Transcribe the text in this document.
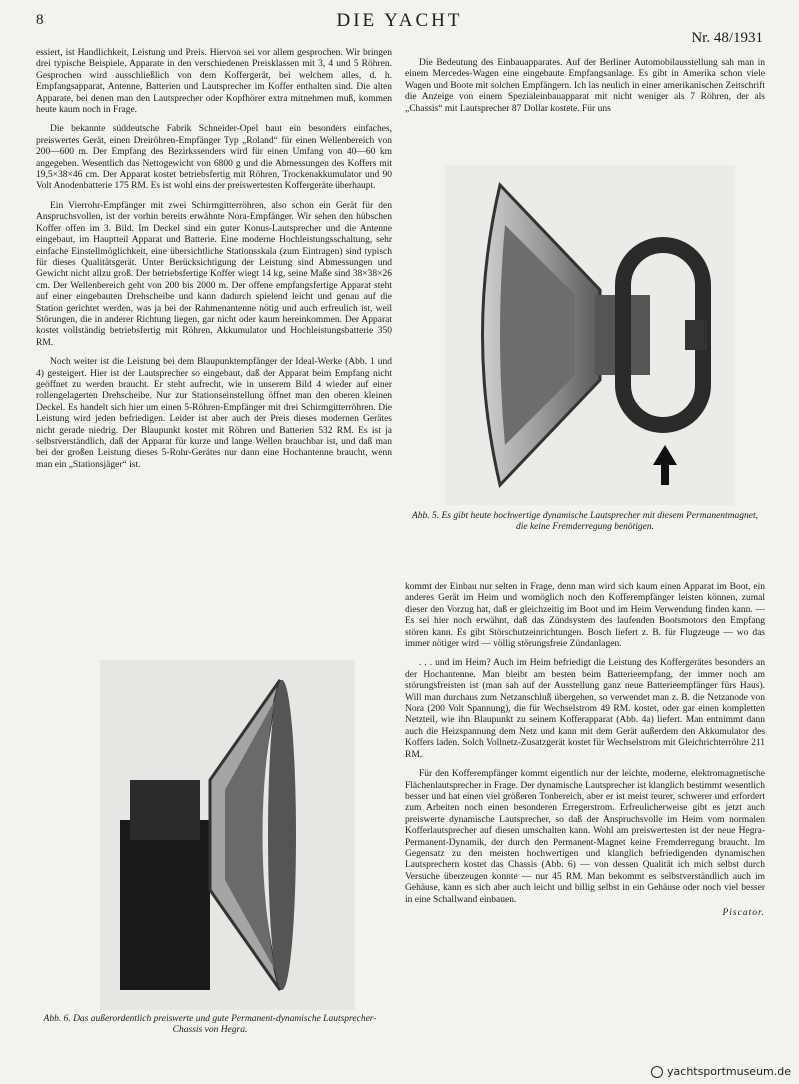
8	DIE YACHT
Nr. 48/1931

essiert, ist Handlichkeit, Leistung und Preis. Hiervon sei vor allem gesprochen. Wir bringen drei typische Beispiele, Apparate in den verschiedenen Preisklassen mit 3, 4 und 5 Röhren. Gesprochen wird ausschließlich von dem Koffergerät, bei welchem alles, d. h. Empfangsapparat, Antenne, Batterien und Lautsprecher im Koffer enthalten sind. Die alten Apparate, bei denen man den Lautsprecher oder Kopfhörer extra mitnehmen muß, kommen heute kaum noch in Frage.

Die bekannte süddeutsche Fabrik Schneider-Opel baut ein besonders einfaches, preiswertes Gerät, einen Dreiröhren-Empfänger Typ „Roland“ für einen Wellenbereich von 200—600 m. Der Empfang des Bezirkssenders wird für einen Umfang von 40—60 km angegeben. Wesentlich das Nettogewicht von 6800 g und die Abmessungen des Koffers mit 19,5×38×46 cm. Der Apparat kostet betriebsfertig mit Röhren, Trockenakkumulator und 90 Volt Anodenbatterie 175 RM. Es ist wohl eins der preiswertesten Koffergeräte überhaupt.

Ein Vierrohr-Empfänger mit zwei Schirmgitterröhren, also schon ein Gerät für den Anspruchsvollen, ist der vorhin bereits erwähnte Nora-Empfänger. Wir sehen den hübschen Koffer offen im 3. Bild. Im Deckel sind ein guter Konus-Lautsprecher und die Antenne eingebaut, im Hauptteil Apparat und Batterie. Eine moderne Hochleistungsschaltung, sehr einfache Einstellmöglichkeit, eine übersichtliche Stationsskala (zum Eintragen) sind typisch für dieses Qualitätsgerät. Unter Berücksichtigung der Leistung sind Abmessungen und Gewicht nicht allzu groß. Der betriebsfertige Koffer wiegt 14 kg, seine Maße sind 38×38×26 cm. Der Wellenbereich geht von 200 bis 2000 m. Der offene empfangsfertige Apparat steht auf einer eingebauten Drehscheibe und kann dadurch spielend leicht und genau auf die Station gerichtet werden, was ja bei der Rahmenantenne nötig und auch erfreulich ist, weil Störungen, die in anderer Richtung liegen, gar nicht oder kaum hereinkommen. Der Apparat kostet vollständig betriebsfertig mit Röhren, Akkumulator und Hochleistungsbatterie 350 RM.

Noch weiter ist die Leistung bei dem Blaupunktempfänger der Ideal-Werke (Abb. 1 und 4) gesteigert. Hier ist der Lautsprecher so eingebaut, daß der Apparat beim Empfang nicht geöffnet zu werden braucht. Er steht aufrecht, wie in unserem Bild 4 wieder auf einer rollengelagerten Drehscheibe. Nur zur Stationseinstellung öffnet man den oberen kleinen Deckel. Es handelt sich hier um einen 5-Röhren-Empfänger mit drei Schirmgitterröhren. Die Leistung wird jeden befriedigen. Leider ist aber auch der Preis dieses modernen Gerätes nicht gerade niedrig. Der Blaupunkt kostet mit Röhren und Batterien 532 RM. Es ist ja selbstverständlich, daß der Apparat für kurze und lange Wellen brauchbar ist, und daß man bei der großen Leistung dieses 5-Rohr-Gerätes nur dann eine Hochantenne braucht, wenn man ein „Stationsjäger“ ist.

Die Bedeutung des Einbauapparates. Auf der Berliner Automobilausstellung sah man in einem Mercedes-Wagen eine eingebaute Empfangsanlage. Es gibt in Amerika schon viele Wagen und Boote mit solchen Empfängern. Ich las neulich in einer amerikanischen Zeitschrift die Anzeige von einem Spezialeinbauapparat mit nicht weniger als 7 Röhren, der als „Chassis“ mit Lautsprecher 87 Dollar kostete. Für uns

Abb. 5. Es gibt heute hochwertige dynamische Lautsprecher mit diesem Permanentmagnet, die keine Fremderregung benötigen.

kommt der Einbau nur selten in Frage, denn man wird sich kaum einen Apparat im Boot, ein anderes Gerät im Heim und womöglich noch den Kofferempfänger leisten können, zumal dieser den Vorzug hat, daß er gleichzeitig im Boot und im Heim Verwendung finden kann. — Es sei hier noch erwähnt, daß das Zündsystem des laufenden Bootsmotors den Empfang stören kann. Es gibt Störschutzeinrichtungen. Bosch liefert z. B. für Flugzeuge — wo das immer nötiger wird — völlig störungsfreie Zündanlagen.

. . . und im Heim? Auch im Heim befriedigt die Leistung des Koffergerätes besonders an der Hochantenne. Man bleibt am besten beim Batterieempfang, der immer noch am störungsfreisten ist (man sah auf der Ausstellung ganz neue Batterieempfänger fürs Haus). Will man durchaus zum Netzanschluß übergehen, so verwendet man z. B. die Netzanode von Nora (200 Volt Spannung), die für Wechselstrom 49 RM. kostet, oder gar einen kompletten Netzteil, wie ihn Blaupunkt zu seinem Kofferapparat (Abb. 4a) liefert. Man entnimmt dann auch die Heizspannung dem Netz und kann mit dem Gerät außerdem den Akkumulator des Koffers laden. Solch Vollnetz-Zusatzgerät kostet für Wechselstrom mit Gleichrichterröhre 211 RM.

Für den Kofferempfänger kommt eigentlich nur der leichte, moderne, elektromagnetische Flächenlautsprecher in Frage. Der dynamische Lautsprecher ist klanglich bestimmt wesentlich besser und hat einen viel größeren Tonbereich, aber er ist meist teurer, schwerer und erfordert zum Arbeiten noch einen besonderen Erregerstrom. Erfreulicherweise gibt es jetzt auch preiswerte dynamische Lautsprecher, so daß der Anspruchsvolle im Heim vom normalen Kofferlautsprecher auf diesen umschalten kann. Wohl am preiswertesten ist der neue Hegra-Permanent-Dynamik, der durch den Permanent-Magnet keine Fremderregung braucht. Im Gegensatz zu den meisten hochwertigen und klanglich befriedigenden dynamischen Lautsprechern kostet das Chassis (Abb. 6) — von dessen Qualität ich mich selbst durch Versuche überzeugen konnte — nur 45 RM. Man bekommt es selbstverständlich auch im Gehäuse, kann es sich aber auch leicht und billig selbst in ein Gehäuse oder noch viel besser in eine Schallwand einbauen.

Piscator.
Abb. 6. Das außerordentlich preiswerte und gute Permanent-dynamische Lautsprecher-Chassis von Hegra.
yachtsportmuseum.de
